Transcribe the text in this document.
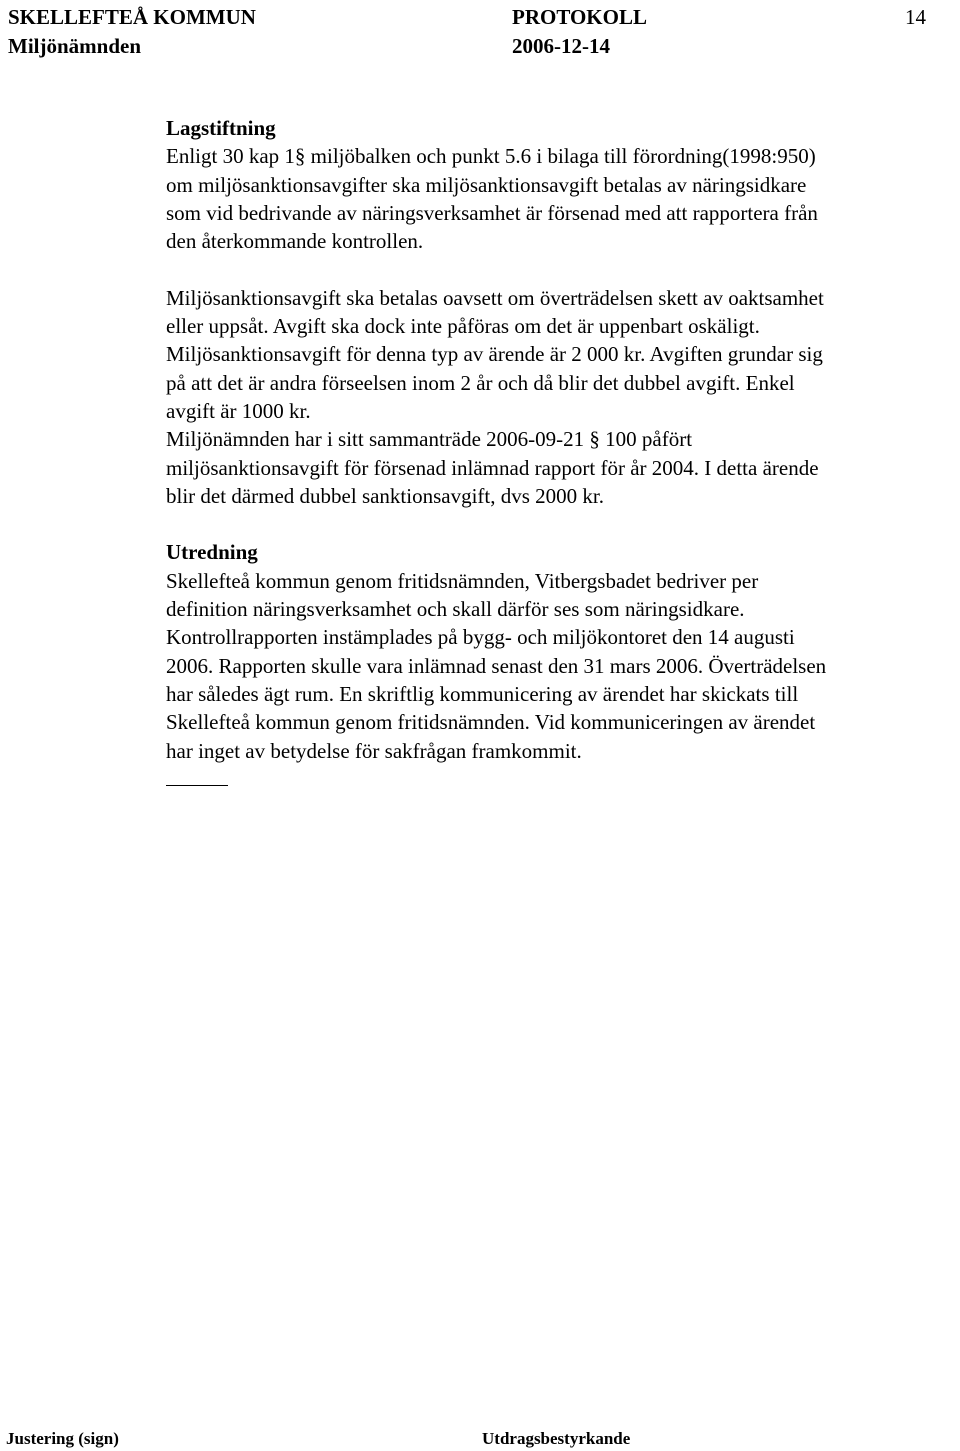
SKELLEFTEÅ KOMMUN
Miljönämnden
PROTOKOLL
2006-12-14
14

Lagstiftning

Enligt 30 kap 1§ miljöbalken och punkt 5.6 i bilaga till förordning(1998:950)

om miljösanktionsavgifter ska miljösanktionsavgift betalas av näringsidkare

som vid bedrivande av näringsverksamhet är försenad med att rapportera från

den återkommande kontrollen.

Miljösanktionsavgift ska betalas oavsett om överträdelsen skett av oaktsamhet

eller uppsåt. Avgift ska dock inte påföras om det är uppenbart oskäligt.

Miljösanktionsavgift för denna typ av ärende är 2 000 kr. Avgiften grundar sig

på att det är andra förseelsen inom 2 år och då blir det dubbel avgift. Enkel

avgift är 1000 kr.

Miljönämnden har i sitt sammanträde 2006-09-21 § 100 påfört

miljösanktionsavgift för försenad inlämnad rapport för år 2004. I detta ärende

blir det därmed dubbel sanktionsavgift, dvs 2000 kr.

Utredning

Skellefteå kommun genom fritidsnämnden, Vitbergsbadet bedriver per

definition näringsverksamhet och skall därför ses som näringsidkare.

Kontrollrapporten instämplades på bygg- och miljökontoret den 14 augusti

2006. Rapporten skulle vara inlämnad senast den 31 mars 2006. Överträdelsen

har således ägt rum. En skriftlig kommunicering av ärendet har skickats till

Skellefteå kommun genom fritidsnämnden. Vid kommuniceringen av ärendet

har inget av betydelse för sakfrågan framkommit.

Justering (sign)	Utdragsbestyrkande
